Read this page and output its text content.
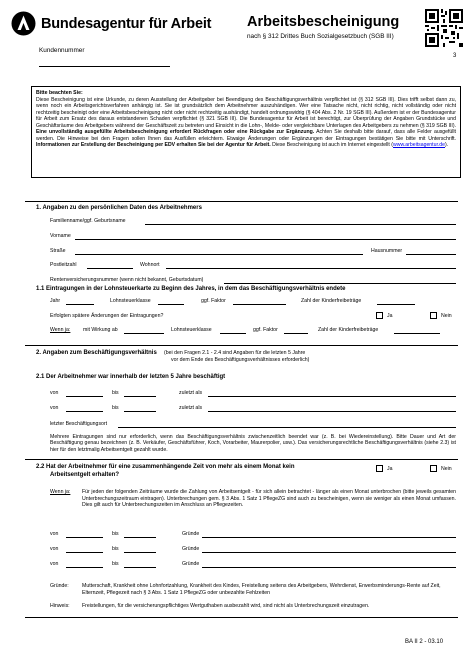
Bundesagentur für Arbeit Arbeitsbescheinigung
nach § 312 Drittes Buch Sozialgesetzbuch (SGB III)
3
Kundennummer
Bitte beachten Sie:
Diese Bescheinigung ist eine Urkunde, zu deren Ausstellung der Arbeitgeber bei Beendigung des Beschäftigungsverhältnis verpflichtet ist (§ 312 SGB III). Dies trifft selbst dann zu, wenn noch ein Arbeitsgerichtsverfahren anhängig ist. Sie ist grundsätzlich dem Arbeitnehmer auszuhändigen. Wer eine Tatsache nicht, nicht richtig, nicht vollständig oder nicht rechtzeitig bescheinigt oder eine Arbeitsbescheinigung nicht oder nicht rechtzeitig aushändigt, handelt ordnungswidrig (§ 404 Abs. 2 Nr. 19 SGB III). Außerdem ist er der Bundesagentur für Arbeit zum Ersatz des daraus entstandenen Schaden verpflichtet (§ 321 SGB III). Die Bundesagentur für Arbeit ist berechtigt, zur Überprüfung der Angaben Grundstücke und Geschäftsräume des Arbeitgebers während der Geschäftszeit zu betreten und Einsicht in die Lohn-, Melde- oder vergleichbare Unterlagen des Arbeitgebers zu nehmen (§ 319 SGB III). Eine unvollständig ausgefüllte Arbeitsbescheinigung erfordert Rückfragen oder eine Rückgabe zur Ergänzung. Achten Sie deshalb bitte darauf, dass alle Felder ausgefüllt werden. Die Hinweise bei den Fragen sollen Ihnen das Ausfüllen erleichtern. Etwaige Änderungen oder Ergänzungen der Eintragungen bestätigen Sie bitte mit Unterschrift. Informationen zur Erstellung der Bescheinigung per EDV erhalten Sie bei der Agentur für Arbeit. Diese Bescheinigung ist auch im Internet eingestellt (www.arbeitsagentur.de).
1. Angaben zu den persönlichen Daten des Arbeitnehmers
Familienname/ggf. Geburtsname
Vorname
Straße	Hausnummer
Postleitzahl	Wohnort
Rentenversicherungsnummer (wenn nicht bekannt, Geburtsdatum)
1.1 Eintragungen in der Lohnsteuerkarte zu Beginn des Jahres, in dem das Beschäftigungsverhältnis endete
Jahr	Lohnsteuerklasse	ggf. Faktor	Zahl der Kinderfreibeträge
Erfolgten spätere Änderungen der Eintragungen?	Ja	Nein
Wenn ja: mit Wirkung ab	Lohnsteuerklasse	ggf. Faktor	Zahl der Kinderfreibeträge
2. Angaben zum Beschäftigungsverhältnis (bei den Fragen 2.1 - 2.4 sind Angaben für die letzten 5 Jahre
vor dem Ende des Beschäftigungsverhältnisses erforderlich)
2.1 Der Arbeitnehmer war innerhalb der letzten 5 Jahre beschäftigt
von	bis	zuletzt als
von	bis	zuletzt als
letzter Beschäftigungsort
Mehrere Eintragungen sind nur erforderlich, wenn das Beschäftigungsverhältnis zwischenzeitlich beendet war (z. B. bei Wiedereinstellung). Bitte Dauer und Art der Beschäftigung genau bezeichnen (z. B. Verkäufer, Geschäftsführer, Koch, Vorarbeiter, Maurerpolier, usw.). Das versicherungsrechtliche Beschäftigungsverhältnis (siehe 2.3) ist hier für den letztmalig Arbeitsentgelt gezahlt wurde.
2.2 Hat der Arbeitnehmer für eine zusammenhängende Zeit von mehr als einem Monat kein
Arbeitsentgelt erhalten?
Ja	Nein
Wenn ja: Für jeden der folgenden Zeiträume wurde die Zahlung von Arbeitsentgelt - für sich allein betrachtet - länger als einen Monat unterbrochen (bitte jeweils gesamten Unterbrechungszeitraum eintragen). Unterbrechungen gem. § 3 Abs. 1 Satz 1 PflegeZG sind auch zu bescheinigen, wenn sie weniger als einen Monat umfassen. Dies gilt auch für Unterbrechungszeiten im Anschluss an Pflegezeiten.
von	bis	Gründe
von	bis	Gründe
von	bis	Gründe
Gründe:	Mutterschaft, Krankheit ohne Lohnfortzahlung, Krankheit des Kindes, Freistellung seitens des Arbeitgebers, Wehrdienst, Erwerbsminderungs-Rente auf Zeit, Elternzeit, Pflegezeit nach § 3 Abs. 1 Satz 1 PflegeZG oder unbezahlte Fehlzeiten
Hinweis: Freistellungen, für die versicherungspflichtiges Wertguthaben ausbezahlt wird, sind nicht als Unterbrechungszeit einzutragen.
BA II 2 - 03.10
